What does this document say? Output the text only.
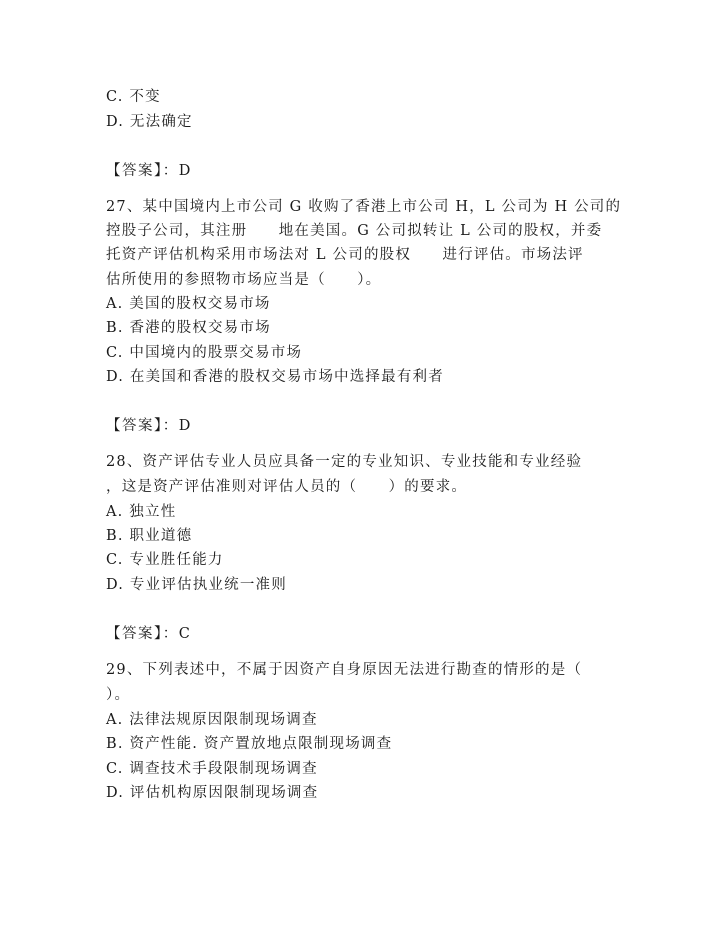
C. 不变
D. 无法确定
【答案】：D
27、某中国境内上市公司 G 收购了香港上市公司 H，L 公司为 H 公司的
控股子公司，其注册　　地在美国。G 公司拟转让 L 公司的股权，并委
托资产评估机构采用市场法对 L 公司的股权　　进行评估。市场法评
估所使用的参照物市场应当是（　　）。
A. 美国的股权交易市场
B. 香港的股权交易市场
C. 中国境内的股票交易市场
D. 在美国和香港的股权交易市场中选择最有利者
【答案】：D
28、资产评估专业人员应具备一定的专业知识、专业技能和专业经验
，这是资产评估准则对评估人员的（　　）的要求。
A. 独立性
B. 职业道德
C. 专业胜任能力
D. 专业评估执业统一准则
【答案】：C
29、下列表述中，不属于因资产自身原因无法进行勘查的情形的是（
）。
A. 法律法规原因限制现场调查
B. 资产性能. 资产置放地点限制现场调查
C. 调查技术手段限制现场调查
D. 评估机构原因限制现场调查
